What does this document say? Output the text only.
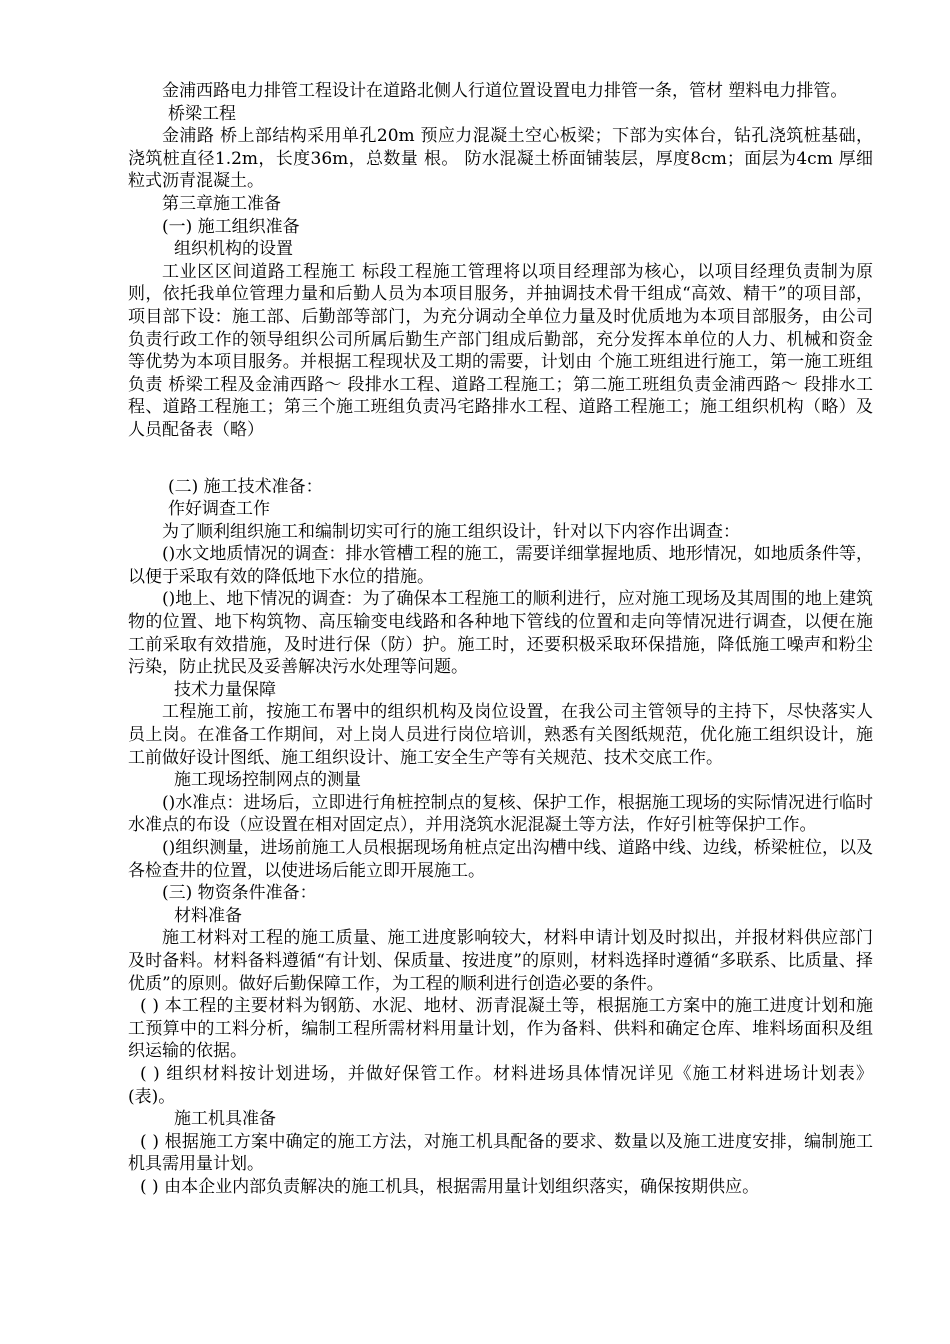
金浦西路电力排管工程设计在道路北侧人行道位置设置电力排管一条，管材 塑料电力排管。

桥梁工程

金浦路 桥上部结构采用单孔20m 预应力混凝土空心板梁；下部为实体台，钻孔浇筑桩基础，浇筑桩直径1.2m，长度36m，总数量 根。 防水混凝土桥面铺装层，厚度8cm；面层为4cm 厚细粒式沥青混凝土。

第三章施工准备

(一) 施工组织准备

组织机构的设置

工业区区间道路工程施工 标段工程施工管理将以项目经理部为核心，以项目经理负责制为原则，依托我单位管理力量和后勤人员为本项目服务，并抽调技术骨干组成“高效、精干”的项目部，项目部下设：施工部、后勤部等部门，为充分调动全单位力量及时优质地为本项目部服务，由公司负责行政工作的领导组织公司所属后勤生产部门组成后勤部，充分发挥本单位的人力、机械和资金等优势为本项目服务。并根据工程现状及工期的需要，计划由 个施工班组进行施工，第一施工班组负责 桥梁工程及金浦西路～ 段排水工程、道路工程施工；第二施工班组负责金浦西路～ 段排水工程、道路工程施工；第三个施工班组负责冯宅路排水工程、道路工程施工；施工组织机构（略）及人员配备表（略）

(二) 施工技术准备：

作好调查工作

为了顺利组织施工和编制切实可行的施工组织设计，针对以下内容作出调查：

()水文地质情况的调查：排水管槽工程的施工，需要详细掌握地质、地形情况，如地质条件等，以便于采取有效的降低地下水位的措施。

()地上、地下情况的调查：为了确保本工程施工的顺利进行，应对施工现场及其周围的地上建筑物的位置、地下构筑物、高压输变电线路和各种地下管线的位置和走向等情况进行调查，以便在施工前采取有效措施，及时进行保（防）护。施工时，还要积极采取环保措施，降低施工噪声和粉尘污染，防止扰民及妥善解决污水处理等问题。

技术力量保障

工程施工前，按施工布署中的组织机构及岗位设置，在我公司主管领导的主持下，尽快落实人员上岗。在准备工作期间，对上岗人员进行岗位培训，熟悉有关图纸规范，优化施工组织设计，施工前做好设计图纸、施工组织设计、施工安全生产等有关规范、技术交底工作。

施工现场控制网点的测量

()水准点：进场后，立即进行角桩控制点的复核、保护工作，根据施工现场的实际情况进行临时水准点的布设（应设置在相对固定点），并用浇筑水泥混凝土等方法，作好引桩等保护工作。

()组织测量，进场前施工人员根据现场角桩点定出沟槽中线、道路中线、边线，桥梁桩位，以及各检查井的位置，以使进场后能立即开展施工。

(三) 物资条件准备：

材料准备

施工材料对工程的施工质量、施工进度影响较大，材料申请计划及时拟出，并报材料供应部门及时备料。材料备料遵循“有计划、保质量、按进度”的原则，材料选择时遵循“多联系、比质量、择优质”的原则。做好后勤保障工作，为工程的顺利进行创造必要的条件。

( ) 本工程的主要材料为钢筋、水泥、地材、沥青混凝土等，根据施工方案中的施工进度计划和施工预算中的工料分析，编制工程所需材料用量计划，作为备料、供料和确定仓库、堆料场面积及组织运输的依据。

( ) 组织材料按计划进场，并做好保管工作。材料进场具体情况详见《施工材料进场计划表》(表)。

施工机具准备

( ) 根据施工方案中确定的施工方法，对施工机具配备的要求、数量以及施工进度安排，编制施工机具需用量计划。

( ) 由本企业内部负责解决的施工机具，根据需用量计划组织落实，确保按期供应。
